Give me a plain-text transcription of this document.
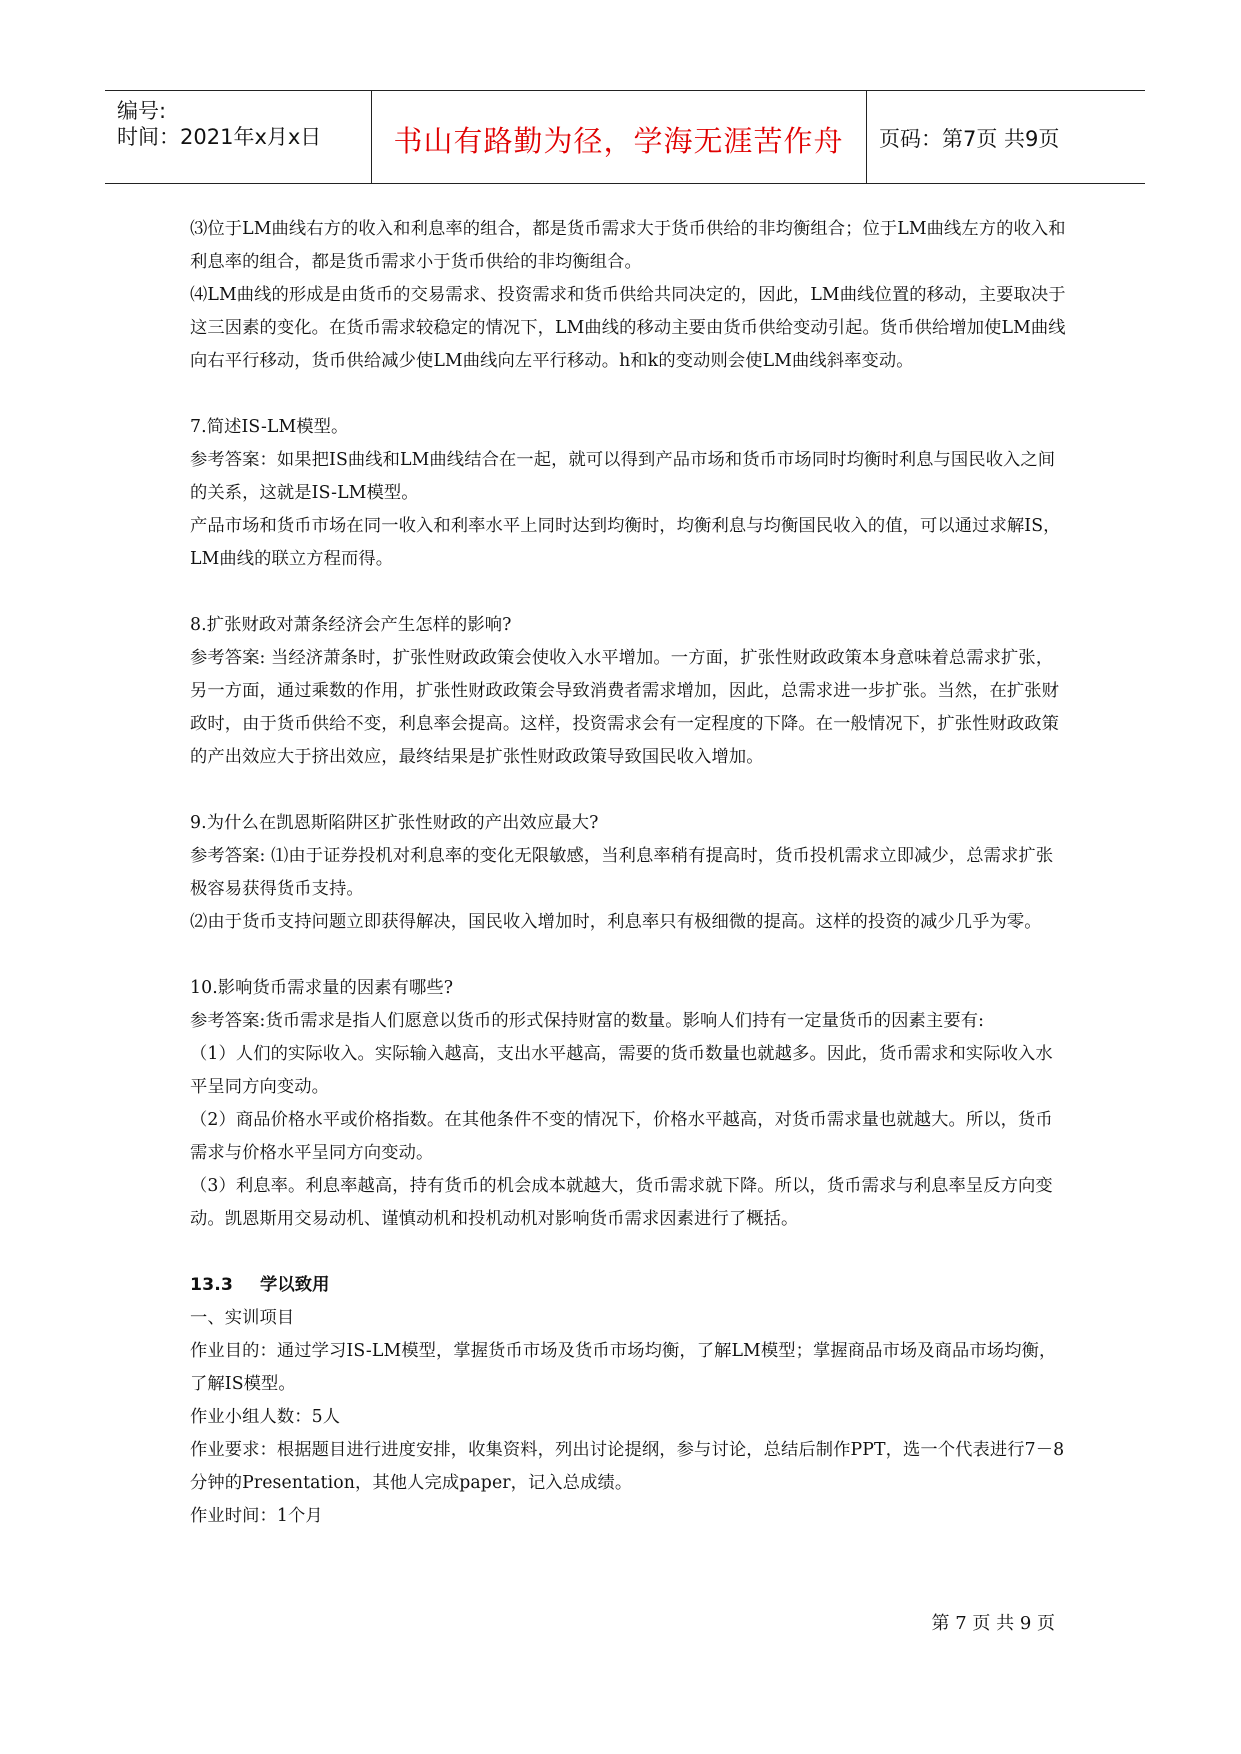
编号:
时间：2021年x月x日	书山有路勤为径，学海无涯苦作舟	页码：第7页 共9页

⑶位于LM曲线右方的收入和利息率的组合，都是货币需求大于货币供给的非均衡组合；位于LM曲线左方的收入和利息率的组合，都是货币需求小于货币供给的非均衡组合。

⑷LM曲线的形成是由货币的交易需求、投资需求和货币供给共同决定的，因此，LM曲线位置的移动，主要取决于这三因素的变化。在货币需求较稳定的情况下，LM曲线的移动主要由货币供给变动引起。货币供给增加使LM曲线向右平行移动，货币供给减少使LM曲线向左平行移动。h和k的变动则会使LM曲线斜率变动。

7.简述IS-LM模型。

参考答案：如果把IS曲线和LM曲线结合在一起，就可以得到产品市场和货币市场同时均衡时利息与国民收入之间的关系，这就是IS-LM模型。

产品市场和货币市场在同一收入和利率水平上同时达到均衡时，均衡利息与均衡国民收入的值，可以通过求解IS，LM曲线的联立方程而得。

8.扩张财政对萧条经济会产生怎样的影响?

参考答案: 当经济萧条时，扩张性财政政策会使收入水平增加。一方面，扩张性财政政策本身意味着总需求扩张，另一方面，通过乘数的作用，扩张性财政政策会导致消费者需求增加，因此，总需求进一步扩张。当然，在扩张财政时，由于货币供给不变，利息率会提高。这样，投资需求会有一定程度的下降。在一般情况下，扩张性财政政策的产出效应大于挤出效应，最终结果是扩张性财政政策导致国民收入增加。

9.为什么在凯恩斯陷阱区扩张性财政的产出效应最大?

参考答案: ⑴由于证券投机对利息率的变化无限敏感，当利息率稍有提高时，货币投机需求立即减少，总需求扩张极容易获得货币支持。

⑵由于货币支持问题立即获得解决，国民收入增加时，利息率只有极细微的提高。这样的投资的减少几乎为零。

10.影响货币需求量的因素有哪些?

参考答案:货币需求是指人们愿意以货币的形式保持财富的数量。影响人们持有一定量货币的因素主要有:

（1）人们的实际收入。实际输入越高，支出水平越高，需要的货币数量也就越多。因此，货币需求和实际收入水平呈同方向变动。

（2）商品价格水平或价格指数。在其他条件不变的情况下，价格水平越高，对货币需求量也就越大。所以，货币需求与价格水平呈同方向变动。

（3）利息率。利息率越高，持有货币的机会成本就越大，货币需求就下降。所以，货币需求与利息率呈反方向变动。凯恩斯用交易动机、谨慎动机和投机动机对影响货币需求因素进行了概括。

13.3 学以致用

一、实训项目

作业目的：通过学习IS-LM模型，掌握货币市场及货币市场均衡，了解LM模型；掌握商品市场及商品市场均衡，了解IS模型。

作业小组人数：5人

作业要求：根据题目进行进度安排，收集资料，列出讨论提纲，参与讨论，总结后制作PPT，选一个代表进行7－8分钟的Presentation，其他人完成paper，记入总成绩。

作业时间：1个月

第 7 页 共 9 页
